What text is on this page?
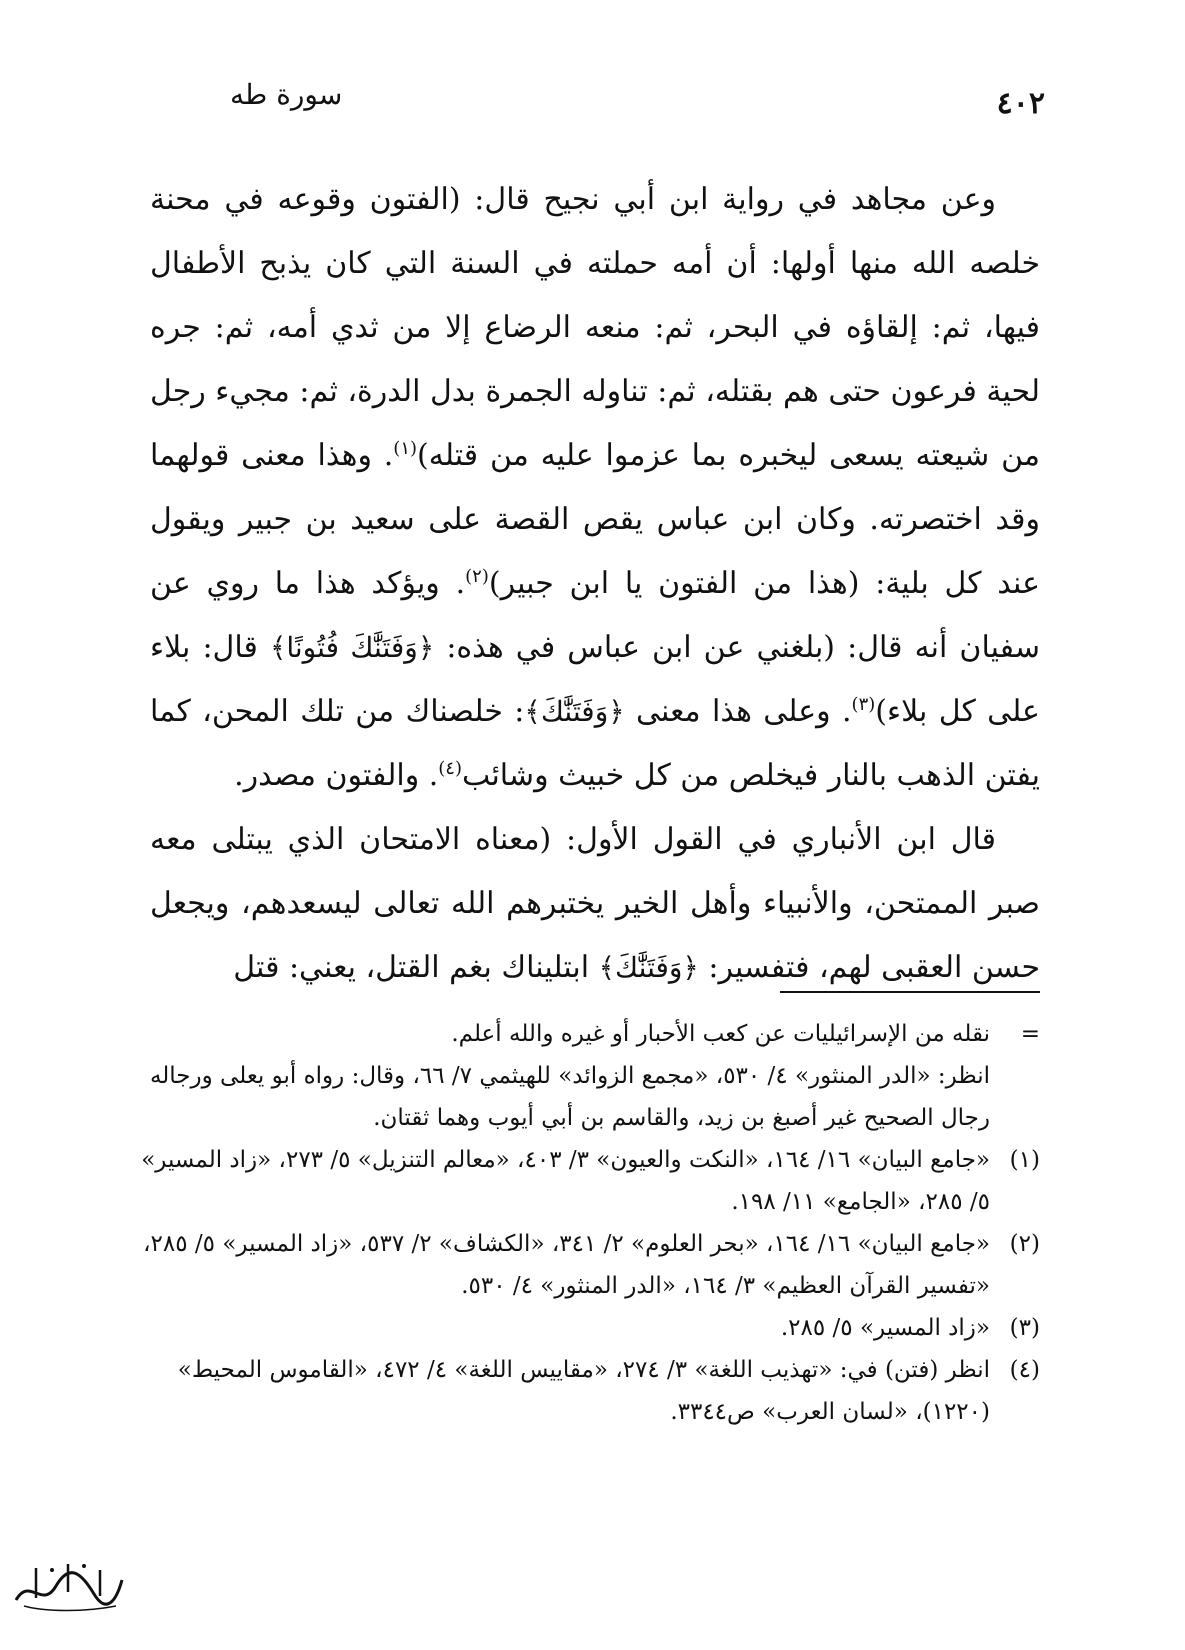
سورة طه	٤٠٢

وعن مجاهد في رواية ابن أبي نجيح قال: (الفتون وقوعه في محنة خلصه الله منها أولها: أن أمه حملته في السنة التي كان يذبح الأطفال فيها، ثم: إلقاؤه في البحر، ثم: منعه الرضاع إلا من ثدي أمه، ثم: جره لحية فرعون حتى هم بقتله، ثم: تناوله الجمرة بدل الدرة، ثم: مجيء رجل من شيعته يسعى ليخبره بما عزموا عليه من قتله)$^{(١)}$. وهذا معنى قولهما وقد اختصرته. وكان ابن عباس يقص القصة على سعيد بن جبير ويقول عند كل بلية: (هذا من الفتون يا ابن جبير)$^{(٢)}$. ويؤكد هذا ما روي عن سفيان أنه قال: (بلغني عن ابن عباس في هذه: ﴿وَفَتَنَّٰكَ فُتُونًا﴾ قال: بلاء على كل بلاء)$^{(٣)}$. وعلى هذا معنى ﴿وَفَتَنَّٰكَ﴾: خلصناك من تلك المحن، كما يفتن الذهب بالنار فيخلص من كل خبيث وشائب$^{(٤)}$. والفتون مصدر.

قال ابن الأنباري في القول الأول: (معناه الامتحان الذي يبتلى معه صبر الممتحن، والأنبياء وأهل الخير يختبرهم الله تعالى ليسعدهم، ويجعل حسن العقبى لهم، فتفسير: ﴿وَفَتَنَّٰكَ﴾ ابتليناك بغم القتل، يعني: قتل

=
نقله من الإسرائيليات عن كعب الأحبار أو غيره والله أعلم.
انظر: «الدر المنثور» ٤/ ٥٣٠، «مجمع الزوائد» للهيثمي ٧/ ٦٦، وقال: رواه أبو يعلى ورجاله رجال الصحيح غير أصبغ بن زيد، والقاسم بن أبي أيوب وهما ثقتان.
(١)
«جامع البيان» ١٦/ ١٦٤، «النكت والعيون» ٣/ ٤٠٣، «معالم التنزيل» ٥/ ٢٧٣، «زاد المسير» ٥/ ٢٨٥، «الجامع» ١١/ ١٩٨.
(٢)
«جامع البيان» ١٦/ ١٦٤، «بحر العلوم» ٢/ ٣٤١، «الكشاف» ٢/ ٥٣٧، «زاد المسير» ٥/ ٢٨٥، «تفسير القرآن العظيم» ٣/ ١٦٤، «الدر المنثور» ٤/ ٥٣٠.
(٣)
«زاد المسير» ٥/ ٢٨٥.
(٤)
انظر (فتن) في: «تهذيب اللغة» ٣/ ٢٧٤، «مقاييس اللغة» ٤/ ٤٧٢، «القاموس المحيط» (١٢٢٠)، «لسان العرب» ص٣٣٤٤.
